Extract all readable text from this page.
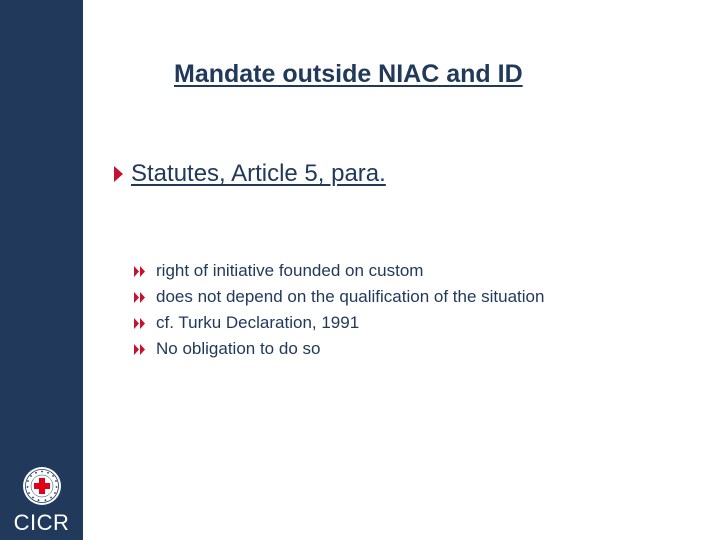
CICR
Mandate outside NIAC and ID
Statutes, Article 5, para.
right of initiative founded on custom
does not depend on the qualification of the situation
cf. Turku Declaration, 1991
No obligation to do so
